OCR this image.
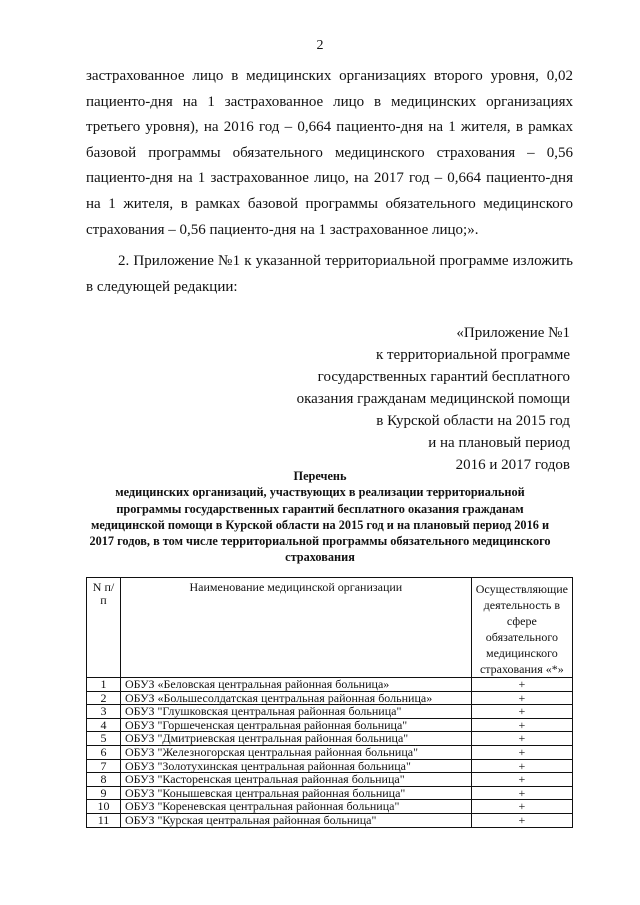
2

застрахованное лицо в медицинских организациях второго уровня, 0,02 пациенто-дня на 1 застрахованное лицо в медицинских организациях третьего уровня), на 2016 год – 0,664 пациенто-дня на 1 жителя, в рамках базовой программы обязательного медицинского страхования – 0,56 пациенто-дня на 1 застрахованное лицо, на 2017 год – 0,664 пациенто-дня на 1 жителя, в рамках базовой программы обязательного медицинского страхования – 0,56 пациенто-дня на 1 застрахованное лицо;».

2. Приложение №1 к указанной территориальной программе изложить в следующей редакции:

«Приложение №1
к территориальной программе
государственных гарантий бесплатного
оказания гражданам медицинской помощи
в Курской области на 2015 год
и на плановый период
2016 и 2017 годов
Перечень
медицинских организаций, участвующих в реализации территориальной
программы государственных гарантий бесплатного оказания гражданам
медицинской помощи в Курской области на 2015 год и на плановый период 2016 и
2017 годов, в том числе территориальной программы обязательного медицинского
страхования
N п/п	Наименование медицинской организации	Осуществляющие деятельность в сфере обязательного медицинского страхования «*»
1	ОБУЗ «Беловская центральная районная больница»	+
2	ОБУЗ «Большесолдатская центральная районная больница»	+
3	ОБУЗ "Глушковская центральная районная больница"	+
4	ОБУЗ "Горшеченская центральная районная больница"	+
5	ОБУЗ "Дмитриевская центральная районная больница"	+
6	ОБУЗ "Железногорская центральная районная больница"	+
7	ОБУЗ "Золотухинская центральная районная больница"	+
8	ОБУЗ "Касторенская центральная районная больница"	+
9	ОБУЗ "Конышевская центральная районная больница"	+
10	ОБУЗ "Кореневская центральная районная больница"	+
11	ОБУЗ "Курская центральная районная больница"	+
